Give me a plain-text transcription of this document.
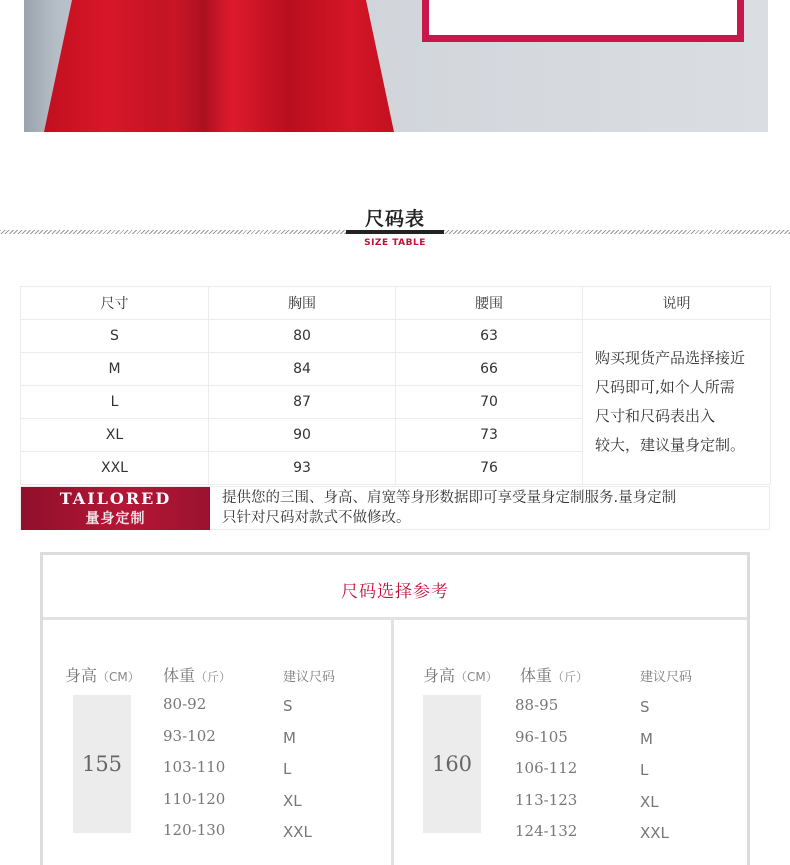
尺码表
SIZE TABLE
尺寸	胸围	腰围	说明
S	80	63	购买现货产品选择接近
尺码即可,如个人所需
尺寸和尺码表出入
较大，建议量身定制。

M	84	66	
L	87	70	
XL	90	73	
XXL	93	76	
TAILORED
量身定制
提供您的三围、身高、肩宽等身形数据即可享受量身定制服务.量身定制
只针对尺码对款式不做修改。
尺码选择参考
身高（CM） 体重（斤）	建议尺码
155
80-92	S
93-102	M
103-110	L
110-120	XL
120-130	XXL
身高（CM） 体重（斤）	建议尺码
160
88-95	S
96-105	M
106-112	L
113-123	XL
124-132	XXL
